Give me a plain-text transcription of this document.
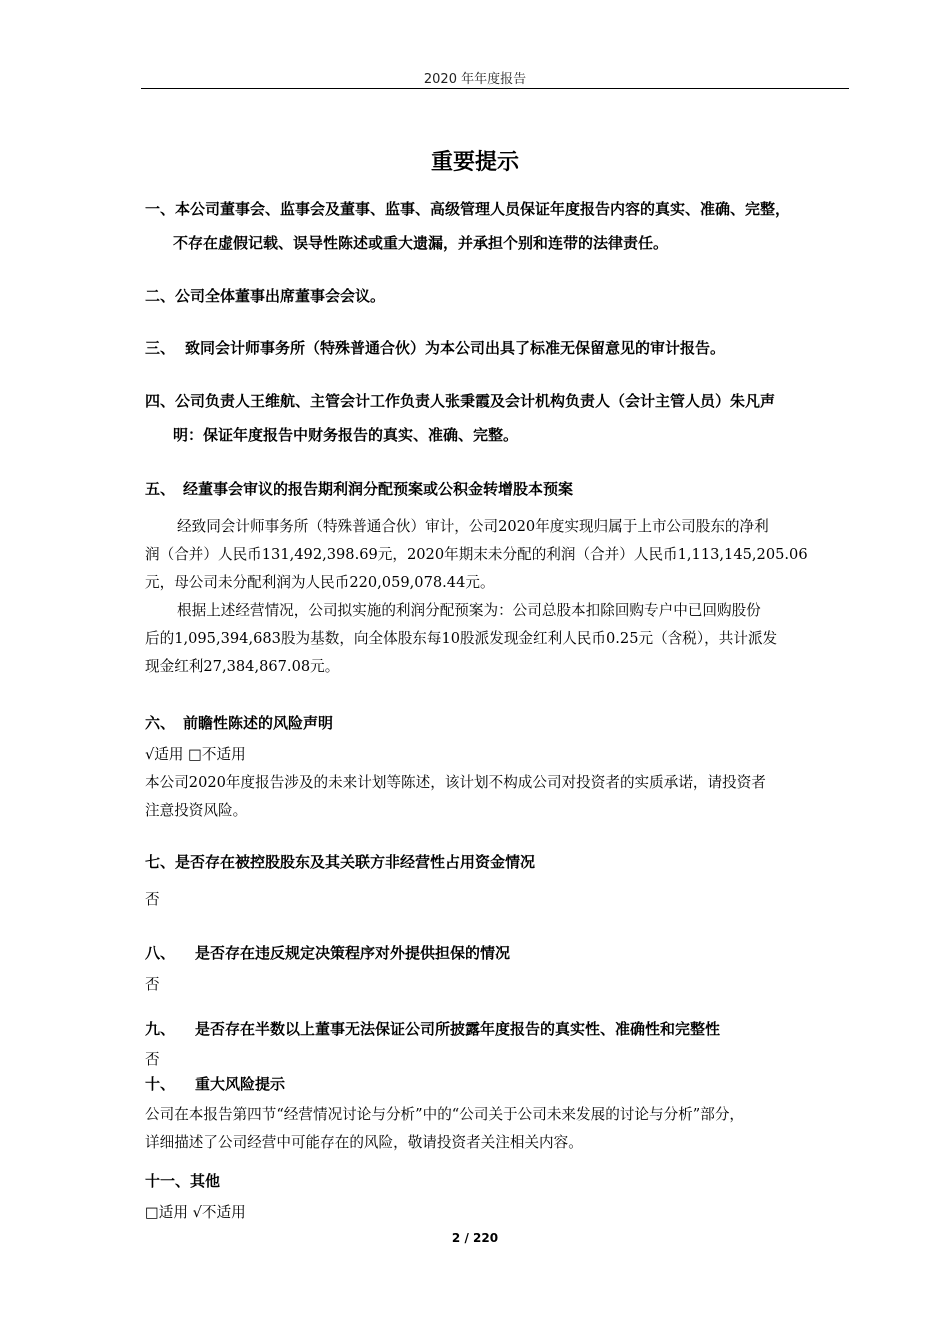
2020 年年度报告
重要提示
一、本公司董事会、监事会及董事、监事、高级管理人员保证年度报告内容的真实、准确、完整，
不存在虚假记载、误导性陈述或重大遗漏，并承担个别和连带的法律责任。
二、公司全体董事出席董事会会议。
三、 致同会计师事务所（特殊普通合伙）为本公司出具了标准无保留意见的审计报告。
四、公司负责人王维航、主管会计工作负责人张秉霞及会计机构负责人（会计主管人员）朱凡声
明：保证年度报告中财务报告的真实、准确、完整。
五、 经董事会审议的报告期利润分配预案或公积金转增股本预案
经致同会计师事务所（特殊普通合伙）审计，公司2020年度实现归属于上市公司股东的净利
润（合并）人民币131,492,398.69元，2020年期末未分配的利润（合并）人民币1,113,145,205.06
元，母公司未分配利润为人民币220,059,078.44元。
根据上述经营情况，公司拟实施的利润分配预案为：公司总股本扣除回购专户中已回购股份
后的1,095,394,683股为基数，向全体股东每10股派发现金红利人民币0.25元（含税），共计派发
现金红利27,384,867.08元。
六、 前瞻性陈述的风险声明
√适用 □不适用
本公司2020年度报告涉及的未来计划等陈述，该计划不构成公司对投资者的实质承诺，请投资者
注意投资风险。
七、是否存在被控股股东及其关联方非经营性占用资金情况
否
八、 是否存在违反规定决策程序对外提供担保的情况
否
九、 是否存在半数以上董事无法保证公司所披露年度报告的真实性、准确性和完整性
否
十、 重大风险提示
公司在本报告第四节“经营情况讨论与分析”中的“公司关于公司未来发展的讨论与分析”部分，
详细描述了公司经营中可能存在的风险，敬请投资者关注相关内容。
十一、其他
□适用 √不适用
2 / 220
